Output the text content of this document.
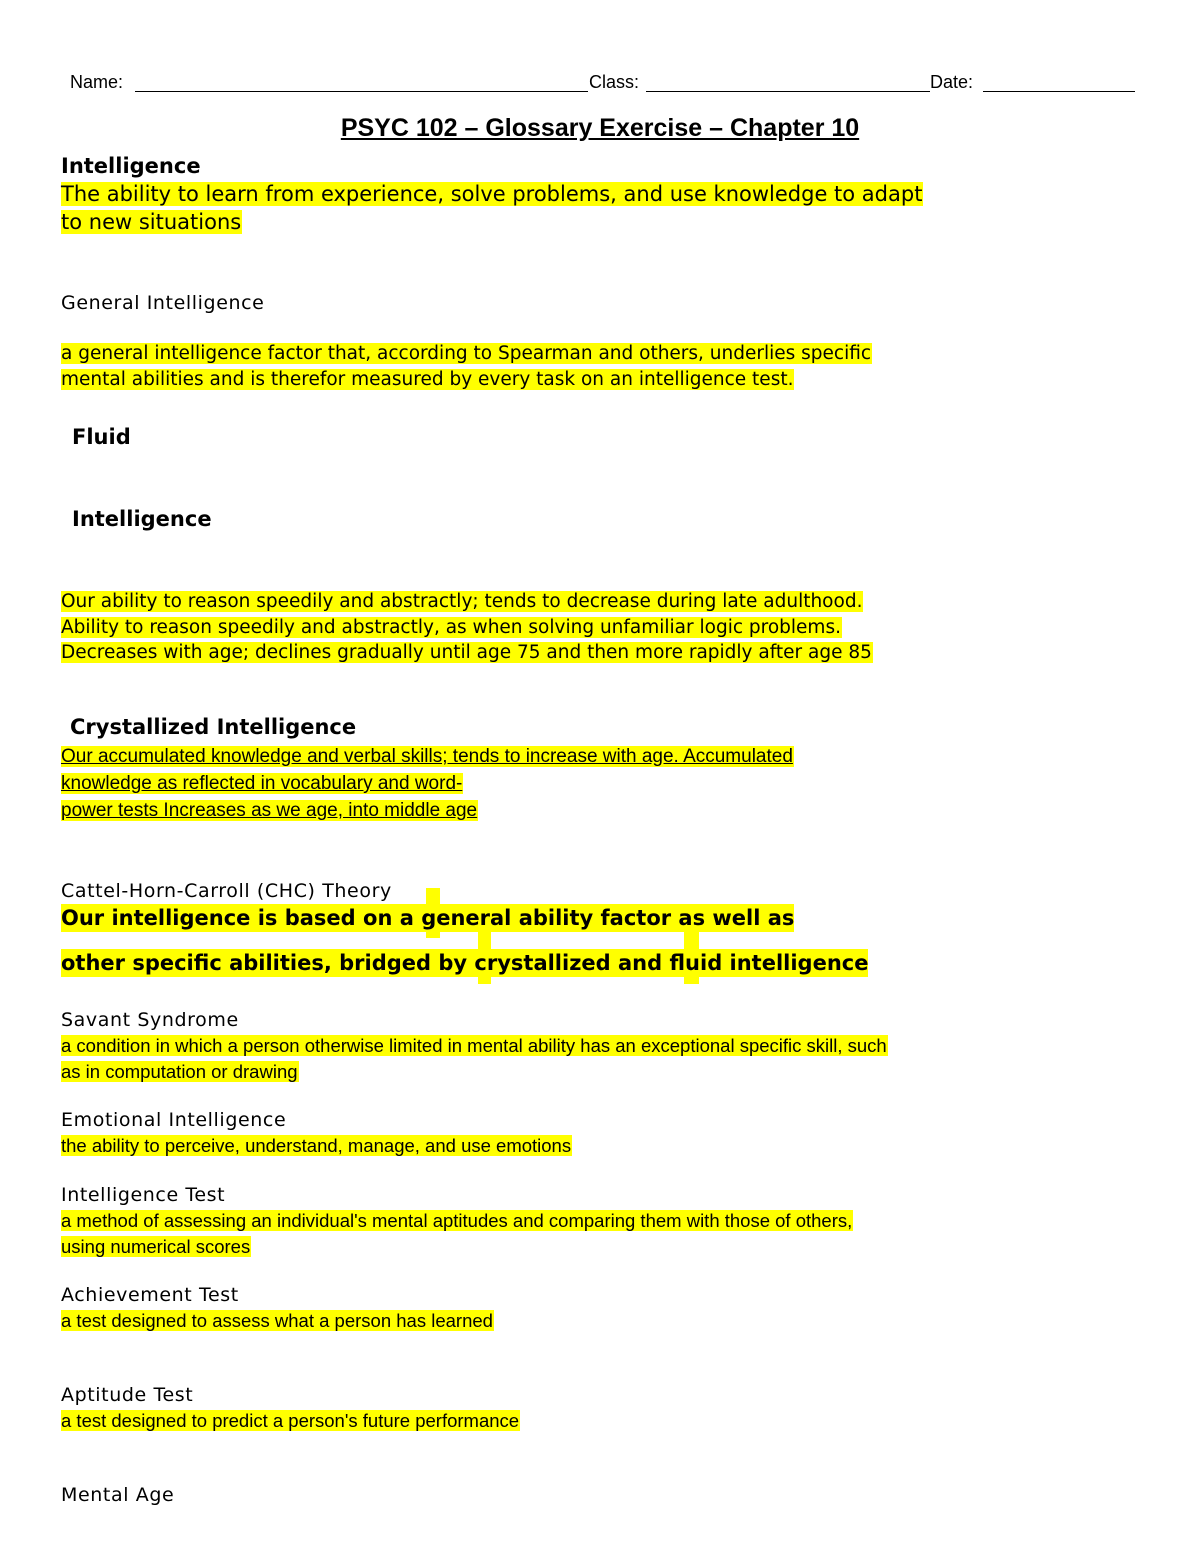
Name:	Class:	Date:
PSYC 102 – Glossary Exercise – Chapter 10
Intelligence
The ability to learn from experience, solve problems, and use knowledge to adapt
to new situations
General Intelligence
a general intelligence factor that, according to Spearman and others, underlies specific
mental abilities and is therefor measured by every task on an intelligence test.
Fluid
Intelligence
Our ability to reason speedily and abstractly; tends to decrease during late adulthood.
Ability to reason speedily and abstractly, as when solving unfamiliar logic problems.
Decreases with age; declines gradually until age 75 and then more rapidly after age 85
Crystallized Intelligence
Our accumulated knowledge and verbal skills; tends to increase with age. Accumulated
knowledge as reflected in vocabulary and word-
power tests Increases as we age, into middle age
Cattel-Horn-Carroll (CHC) Theory
Our intelligence is based on a general ability factor as well as
other specific abilities, bridged by crystallized and fluid intelligence
Savant Syndrome
a condition in which a person otherwise limited in mental ability has an exceptional specific skill, such
as in computation or drawing
Emotional Intelligence
the ability to perceive, understand, manage, and use emotions
Intelligence Test
a method of assessing an individual's mental aptitudes and comparing them with those of others,
using numerical scores
Achievement Test
a test designed to assess what a person has learned
Aptitude Test
a test designed to predict a person's future performance
Mental Age
